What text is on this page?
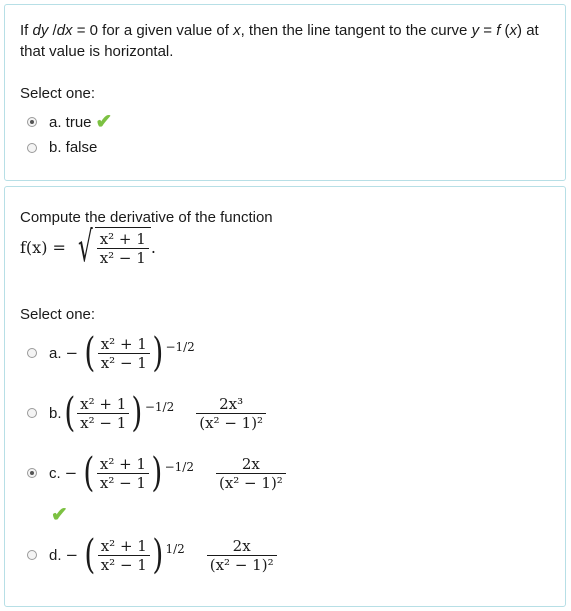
If dy /dx = 0 for a given value of x, then the line tangent to the curve y = f (x) at that value is horizontal.
Select one:
a. true ✔
b. false
Compute the derivative of the function
f(x) = √ $\frac{\text{x² + 1}}{\text{x² − 1}}$ .
Select one:
a. − ( $\frac{\text{x² + 1}}{\text{x² − 1}}$ ) −1/2
b. ( $\frac{\text{x² + 1}}{\text{x² − 1}}$ ) $-1/2 \frac{\text{2x³}}{\text{(x² − 1)²}}$
c. − ( $\frac{\text{x² + 1}}{\text{x² − 1}}$ ) $-1/2 \frac{2x}{\text{(x² − 1)²}}$
✔
d. − ( $\frac{\text{x² + 1}}{\text{x² − 1}}$ ) $1/2 \frac{2x}{\text{(x² − 1)²}}$
